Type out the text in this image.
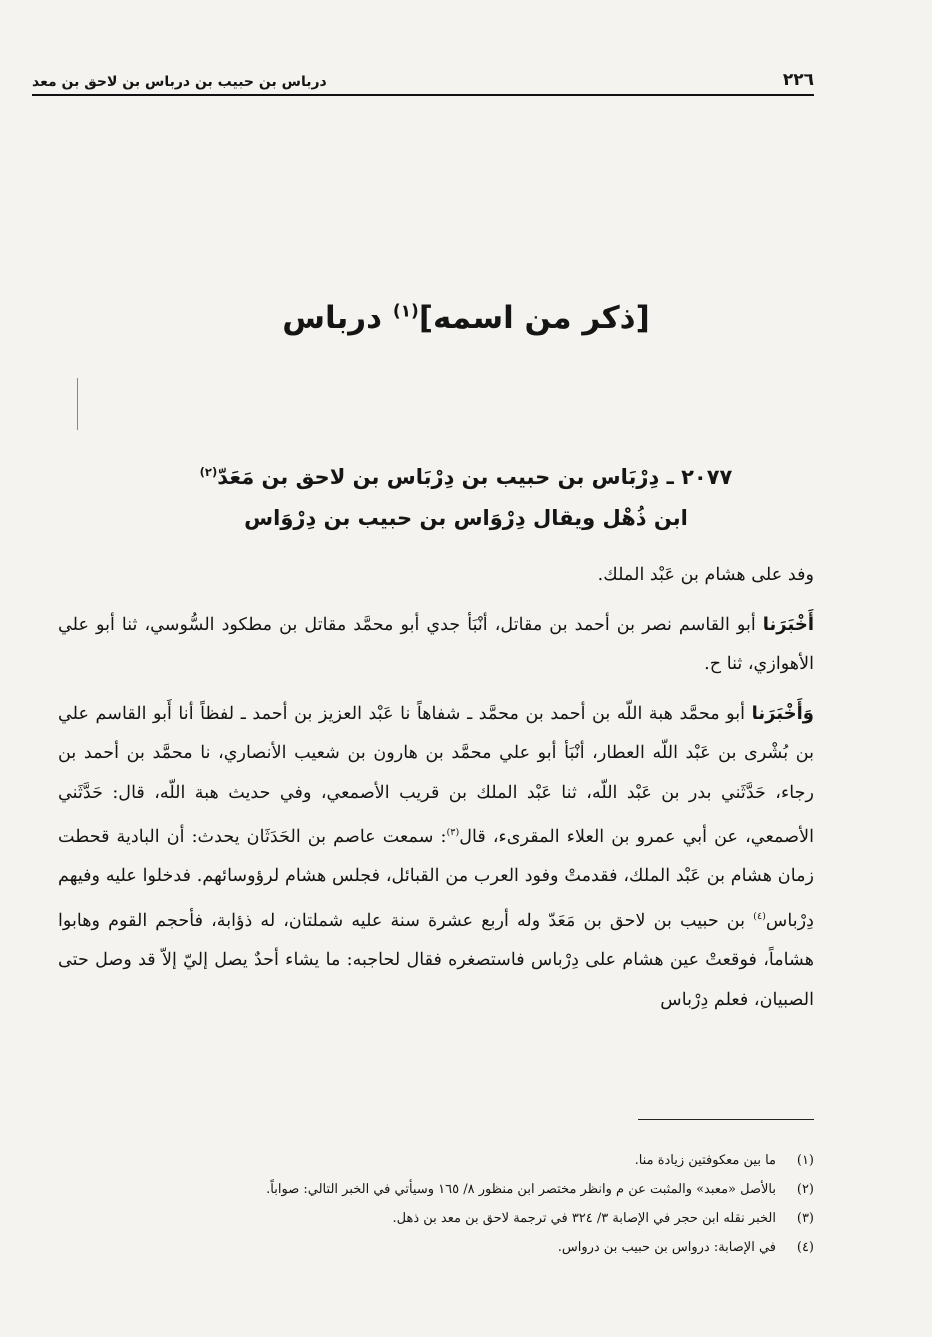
٢٢٦
درباس بن حبيب بن درباس بن لاحق بن معد
[ذكر من اسمه]$^{(١)}$ درباس
٢٠٧٧ ـ دِرْبَاس بن حبيب بن دِرْبَاس بن لاحق بن مَعَدّ$^{(٢)}$
ابن ذُهْل ويقال دِرْوَاس بن حبيب بن دِرْوَاس

وفد على هشام بن عَبْد الملك.

أَخْبَرَنا أبو القاسم نصر بن أحمد بن مقاتل، أنْبَأ جدي أبو محمَّد مقاتل بن مطكود السُّوسي، ثنا أبو علي الأهوازي، ثنا ح.

وَأَخْبَرَنا أبو محمَّد هبة اللّه بن أحمد بن محمَّد ـ شفاهاً نا عَبْد العزيز بن أحمد ـ لفظاً أنا أَبو القاسم علي بن بُشْرى بن عَبْد اللّه العطار، أنْبَأ أبو علي محمَّد بن هارون بن شعيب الأنصاري، نا محمَّد بن أحمد بن رجاء، حَدَّثَني بدر بن عَبْد اللّه، ثنا عَبْد الملك بن قريب الأصمعي، وفي حديث هبة اللّه، قال: حَدَّثَني الأصمعي، عن أبي عمرو بن العلاء المقرىء، قال$^{(٣)}$: سمعت عاصم بن الحَدَثَان يحدث: أن البادية قحطت زمان هشام بن عَبْد الملك، فقدمتْ وفود العرب من القبائل، فجلس هشام لرؤوسائهم. فدخلوا عليه وفيهم دِرْباس$^{(٤)}$ بن حبيب بن لاحق بن مَعَدّ وله أربع عشرة سنة عليه شملتان، له ذؤابة، فأحجم القوم وهابوا هشاماً، فوقعتْ عين هشام على دِرْباس فاستصغره فقال لحاجبه: ما يشاء أحدٌ يصل إليّ إلاّ قد وصل حتى الصبيان، فعلم دِرْباس

(١)
ما بين معكوفتين زيادة منا.
(٢)
بالأصل «معبد» والمثبت عن م وانظر مختصر ابن منظور ٨/ ١٦٥ وسيأتي في الخبر التالي: صواباً.
(٣)
الخبر نقله ابن حجر في الإصابة ٣/ ٣٢٤ في ترجمة لاحق بن معد بن ذهل.
(٤)
في الإصابة: درواس بن حبيب بن درواس.
